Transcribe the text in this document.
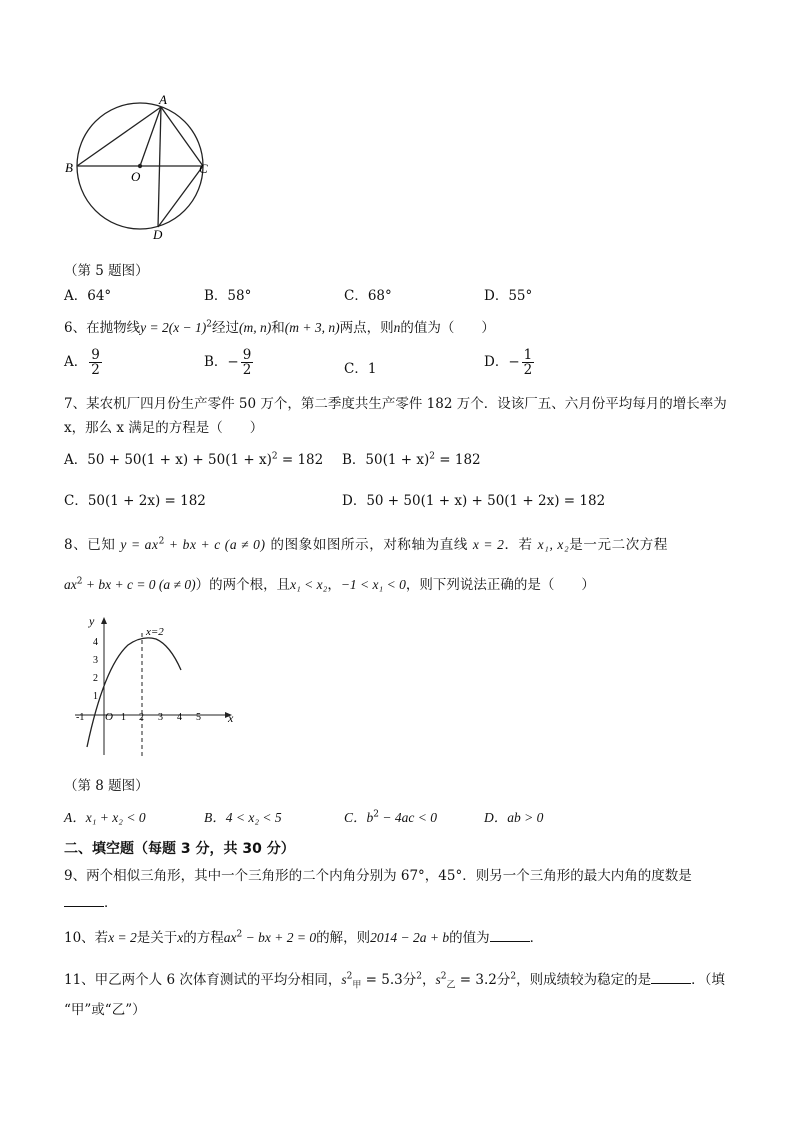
A
B
O
C
D
（第 5 题图）
A．64°	B．58°	C．68°	D．55°
6、在抛物线$y = 2(x - 1)^2$经过(m, n)和(m + 3, n)两点，则n的值为（　　）
A． $\frac{9}{2}$	B．− $\frac{9}{2}$	C．1	D．− $\frac{1}{2}$
7、某农机厂四月份生产零件 50 万个，第二季度共生产零件 182 万个．设该厂五、六月份平均每月的增长率为
x，那么 x 满足的方程是（　　）
A．$50 + 50(1 + x) + 50(1 + x)^2 = 182$ B．$50(1 + x)^2 = 182$
C．50(1 + 2x) = 182	D．50 + 50(1 + x) + 50(1 + 2x) = 182
8、已知 $y = ax^2$ + bx + c (a ≠ 0) 的图象如图所示，对称轴为直线 x = 2．若 x₁, x₂是一元二次方程
$ax^2$ + bx + c = 0 (a ≠ 0)）的两个根，且x₁ < x₂，−1 < x₁ < 0，则下列说法正确的是（　　）
y
x
x=2
O
-1	1 2 3 4 5
4
3
2
1
（第 8 题图）
A．x₁ + x₂ < 0	B．4 < x₂ < 5	C．$b^2 - 4ac < 0$	D．ab > 0
二、填空题（每题 3 分，共 30 分）
9、两个相似三角形，其中一个三角形的二个内角分别为 67°，45°．则另一个三角形的最大内角的度数是
．
10、若x = 2是关于x的方程$ax^2$ − bx + 2 = 0的解，则2014 − 2a + b的值为	．
11、甲乙两个人 6 次体育测试的平均分相同，$s^2_甲 = 5.3$分$^2$，$s^2_乙 = 3.2$分$^2$，则成绩较为稳定的是	．（填
“甲”或“乙”）
